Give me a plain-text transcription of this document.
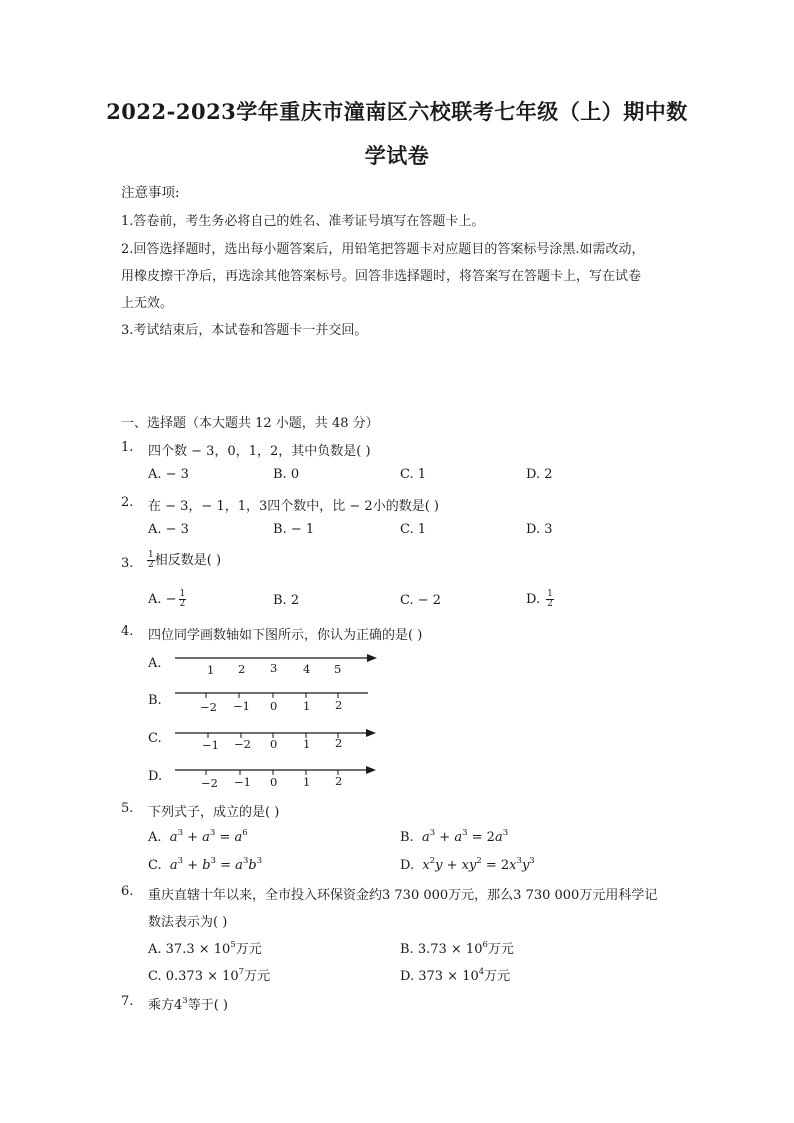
2022-2023学年重庆市潼南区六校联考七年级（上）期中数
学试卷
注意事项:
1.答卷前，考生务必将自己的姓名、准考证号填写在答题卡上。
2.回答选择题时，选出每小题答案后，用铅笔把答题卡对应题目的答案标号涂黑.如需改动，
用橡皮擦干净后，再选涂其他答案标号。回答非选择题时，将答案写在答题卡上，写在试卷
上无效。
3.考试结束后，本试卷和答题卡一并交回。
一、选择题（本大题共 12 小题，共 48 分）
1. 四个数 − 3，0，1，2，其中负数是( )
A. − 3	B. 0	C. 1	D. 2
2. 在 − 3，− 1，1，3四个数中，比 − 2小的数是( )
A. − 3	B. − 1	C. 1	D. 3
3. $\frac{1}{2}$ 相反数是( )
A. − $\frac{1}{2}$	B. 2	C. − 2	D. $\frac{1}{2}$
4. 四位同学画数轴如下图所示，你认为正确的是( )
A.
B.
C.
D.
1 2 3 4 5
−2 −1 0 1 2
−1 −2 0 1 2
−2 −1 0 1 2
5. 下列式子，成立的是( )
A. $a^3 + a^3 = a^6$	B. $a^3 + a^3 = 2a^3$
C. $a^3 + b^3 = a^3b^3$	D. $x^2y + xy^2 = 2x^3y^3$
6. 重庆直辖十年以来，全市投入环保资金约3 730 000万元，那么3 730 000万元用科学记
数法表示为( )
A. $37.3 \times 10^5$万元	B. $3.73 \times 10^6$万元
C. $0.373 \times 10^7$万元	D. $373 \times 10^4$万元
7. 乘方$4^3$等于( )
